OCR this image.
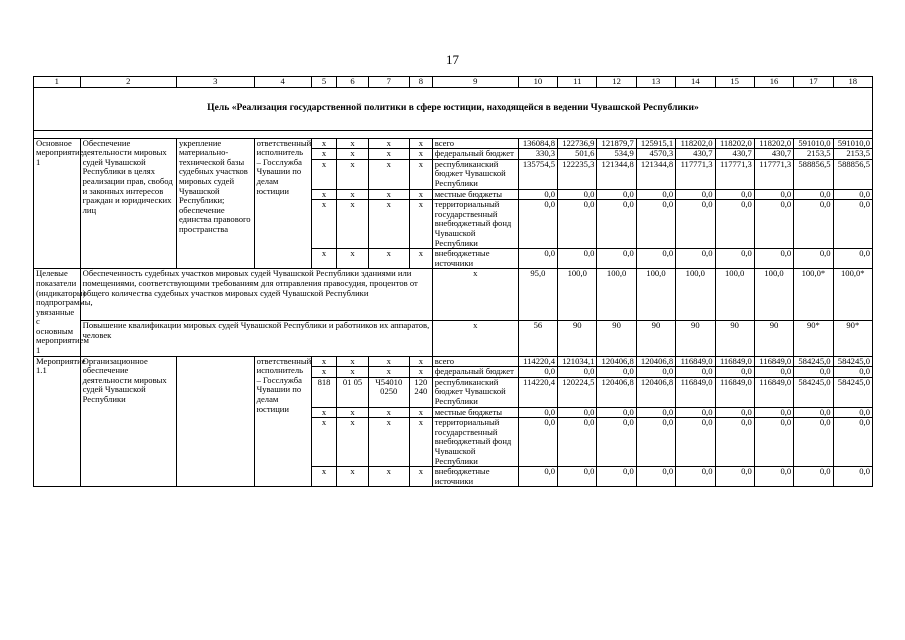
17
1	2	3	4	5	6	7	8	9	10	11	12	13	14	15	16	17	18
Цель «Реализация государственной политики в сфере юстиции, находящейся в ведении Чувашской Республики»																	

Основное мероприятие 1	Обеспечение деятельности мировых судей Чувашской Республики в целях реализации прав, свобод и законных интересов граждан и юридических лиц	укрепление материально-технической базы судебных участков мировых судей Чувашской Республики; обеспечение единства правового пространства	ответственный исполнитель – Госслужба Чувашии по делам юстиции	x	x	x	x	всего	136084,8	122736,9	121879,7	125915,1	118202,0	118202,0	118202,0	591010,0	591010,0
				x	x	x	x	федеральный бюджет	330,3	501,6	534,9	4570,3	430,7	430,7	430,7	2153,5	2153,5
				x	x	x	x	республиканский бюджет Чувашской Республики	135754,5	122235,3	121344,8	121344,8	117771,3	117771,3	117771,3	588856,5	588856,5
				x	x	x	x	местные бюджеты	0,0	0,0	0,0	0,0	0,0	0,0	0,0	0,0	0,0
				x	x	x	x	территориальный государственный внебюджетный фонд Чувашской Республики	0,0	0,0	0,0	0,0	0,0	0,0	0,0	0,0	0,0
				x	x	x	x	внебюджетные источники	0,0	0,0	0,0	0,0	0,0	0,0	0,0	0,0	0,0
Целевые показатели (индикаторы) подпрограммы, увязанные с основным мероприятием 1	Обеспеченность судебных участков мировых судей Чувашской Республики зданиями или помещениями, соответствующими требованиям для отправления правосудия, процентов от общего количества судебных участков мировых судей Чувашской Республики							x	95,0	100,0	100,0	100,0	100,0	100,0	100,0	100,0*	100,0*
	Повышение квалификации мировых судей Чувашской Республики и работников их аппаратов, человек							x	56	90	90	90	90	90	90	90*	90*
Мероприятие 1.1	Организационное обеспечение деятельности мировых судей Чувашской Республики		ответственный исполнитель – Госслужба Чувашии по делам юстиции	x	x	x	x	всего	114220,4	121034,1	120406,8	120406,8	116849,0	116849,0	116849,0	584245,0	584245,0
				x	x	x	x	федеральный бюджет	0,0	0,0	0,0	0,0	0,0	0,0	0,0	0,0	0,0
				818	01 05	Ч54010 0250	120 240	республиканский бюджет Чувашской Республики	114220,4	120224,5	120406,8	120406,8	116849,0	116849,0	116849,0	584245,0	584245,0
				x	x	x	x	местные бюджеты	0,0	0,0	0,0	0,0	0,0	0,0	0,0	0,0	0,0
				x	x	x	x	территориальный государственный внебюджетный фонд Чувашской Республики	0,0	0,0	0,0	0,0	0,0	0,0	0,0	0,0	0,0
				x	x	x	x	внебюджетные источники	0,0	0,0	0,0	0,0	0,0	0,0	0,0	0,0	0,0
